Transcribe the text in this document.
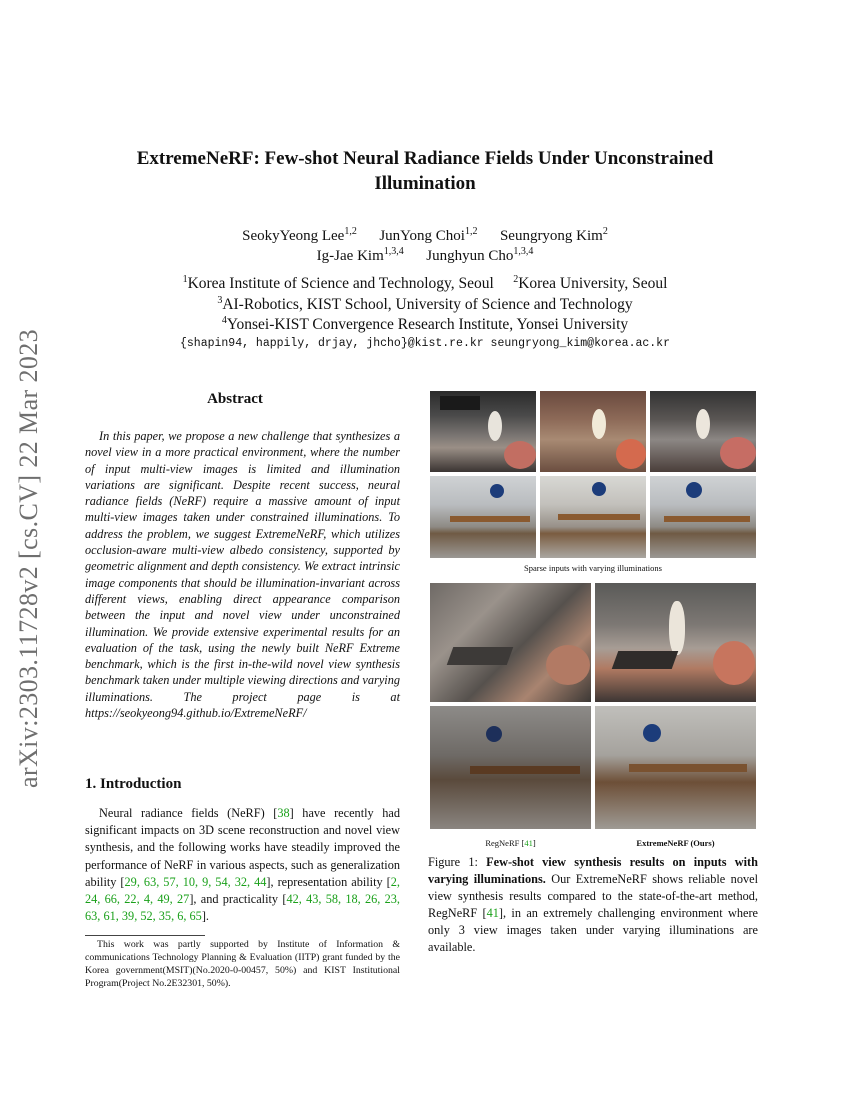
arXiv:2303.11728v2 [cs.CV] 22 Mar 2023
ExtremeNeRF: Few-shot Neural Radiance Fields Under Unconstrained
Illumination
SeokyYeong Lee$^{1,2}$ JunYong Choi$^{1,2}$ Seungryong Kim$^2$
Ig-Jae Kim$^{1,3,4}$ Junghyun Cho$^{1,3,4}$
$^1$Korea Institute of Science and Technology, Seoul $^2$Korea University, Seoul
$^3$AI-Robotics, KIST School, University of Science and Technology
$^4$Yonsei-KIST Convergence Research Institute, Yonsei University
{shapin94, happily, drjay, jhcho}@kist.re.kr seungryong_kim@korea.ac.kr
Abstract
In this paper, we propose a new challenge that synthesizes a novel view in a more practical environment, where the number of input multi-view images is limited and illumination variations are significant. Despite recent success, neural radiance fields (NeRF) require a massive amount of input multi-view images taken under constrained illuminations. To address the problem, we suggest ExtremeNeRF, which utilizes occlusion-aware multi-view albedo consistency, supported by geometric alignment and depth consistency. We extract intrinsic image components that should be illumination-invariant across different views, enabling direct appearance comparison between the input and novel view under unconstrained illumination. We provide extensive experimental results for an evaluation of the task, using the newly built NeRF Extreme benchmark, which is the first in-the-wild novel view synthesis benchmark taken under multiple viewing directions and varying illuminations. The project page is at https://seokyeong94.github.io/ExtremeNeRF/
1. Introduction
Neural radiance fields (NeRF) [38] have recently had significant impacts on 3D scene reconstruction and novel view synthesis, and the following works have steadily improved the performance of NeRF in various aspects, such as generalization ability [29, 63, 57, 10, 9, 54, 32, 44], representation ability [2, 24, 66, 22, 4, 49, 27], and practicality [42, 43, 58, 18, 26, 23, 63, 61, 39, 52, 35, 6, 65].
This work was partly supported by Institute of Information & communications Technology Planning & Evaluation (IITP) grant funded by the Korea government(MSIT)(No.2020-0-00457, 50%) and KIST Institutional Program(Project No.2E32301, 50%).
Sparse inputs with varying illuminations
RegNeRF [41]	ExtremeNeRF (Ours)
Figure 1: Few-shot view synthesis results on inputs with varying illuminations. Our ExtremeNeRF shows reliable novel view synthesis results compared to the state-of-the-art method, RegNeRF [41], in an extremely challenging environment where only 3 view images taken under varying illuminations are available.
